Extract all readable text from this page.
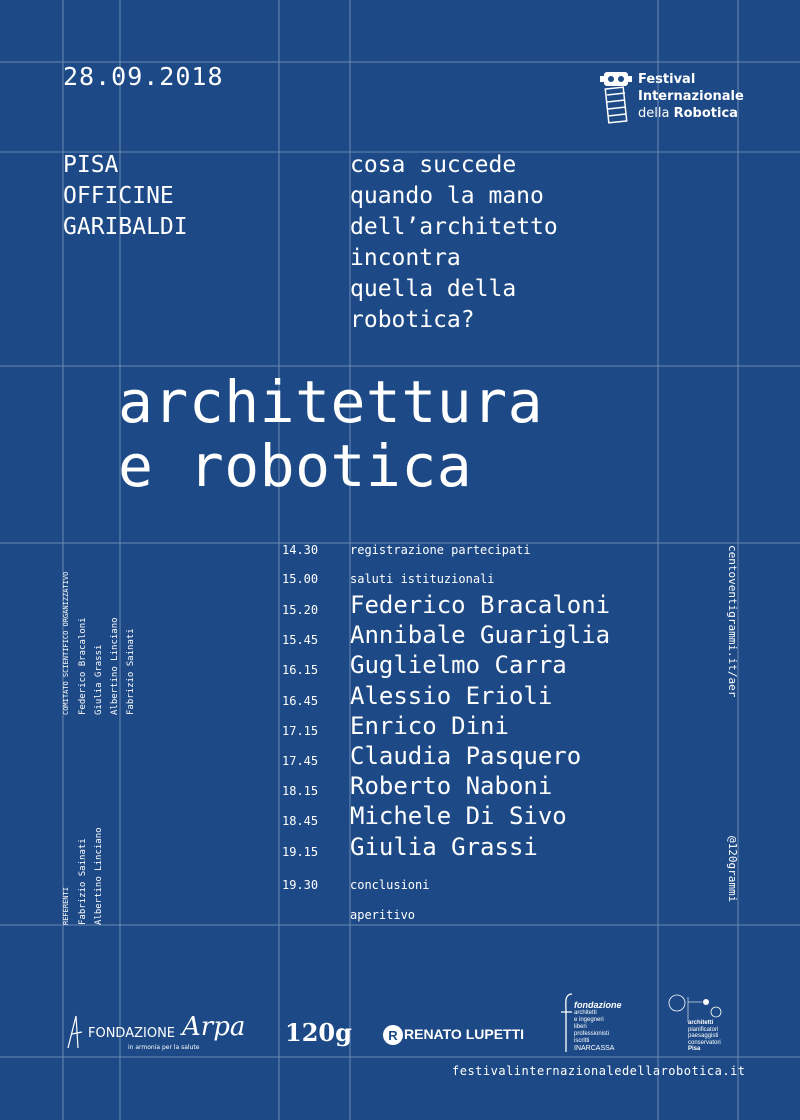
28.09.2018	Festival
Internazionale
della Robotica
PISA
OFFICINE
GARIBALDI
cosa succede
quando la mano
dell’architetto
incontra
quella della
robotica?
architettura
e robotica
COMITATO SCIENTIFICO ORGANIZZATIVO Federico Bracaloni Giulia Grassi Albertino Linciano Fabrizio Sainati
REFERENTI Fabrizio Sainati Albertino Linciano
centoventigrammi.it/aer
@120grammi
14.30	registrazione partecipati
15.00	saluti istituzionali
15.20 Federico Bracaloni
15.45 Annibale Guariglia
16.15 Guglielmo Carra
16.45 Alessio Erioli
17.15 Enrico Dini
17.45 Claudia Pasquero
18.15 Roberto Naboni
18.45 Michele Di Sivo
19.15 Giulia Grassi
19.30	conclusioni
aperitivo
FONDAZIONE Arpa
in armonia per la salute
120g	R RENATO LUPETTI
fondazione
architetti
e ingegneri
liberi
professionisti
iscritti
INARCASSA
architetti
pianificatori
paesaggisti
conservatori
Pisa
festivalinternazionaledellarobotica.it
